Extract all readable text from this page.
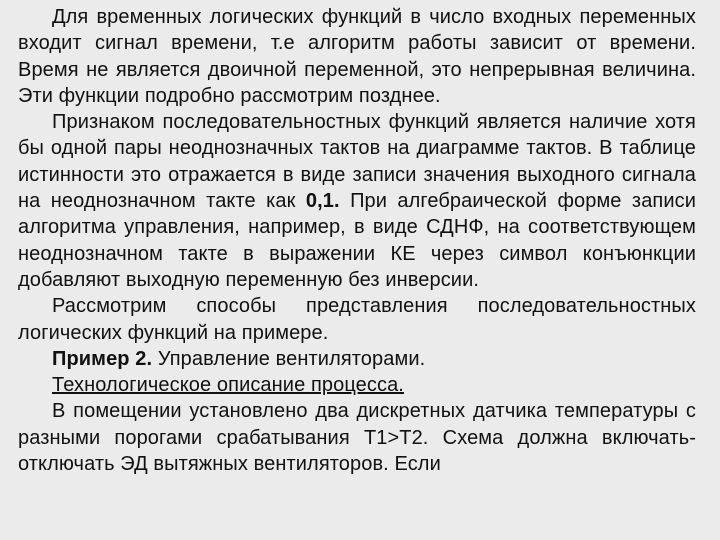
Для временных логических функций в число входных переменных входит сигнал времени, т.е алгоритм работы зависит от времени. Время не является двоичной переменной, это непрерывная величина. Эти функции подробно рассмотрим позднее.

Признаком последовательностных функций является наличие хотя бы одной пары неоднозначных тактов на диаграмме тактов. В таблице истинности это отражается в виде записи значения выходного сигнала на неоднозначном такте как 0,1. При алгебраической форме записи алгоритма управления, например, в виде СДНФ, на соответствующем неоднозначном такте в выражении КЕ через символ конъюнкции добавляют выходную переменную без инверсии.

Рассмотрим способы представления последовательностных логических функций на примере.

Пример 2. Управление вентиляторами.

Технологическое описание процесса.

В помещении установлено два дискретных датчика температуры с разными порогами срабатывания Т1>Т2. Схема должна включать-отключать ЭД вытяжных вентиляторов. Если
